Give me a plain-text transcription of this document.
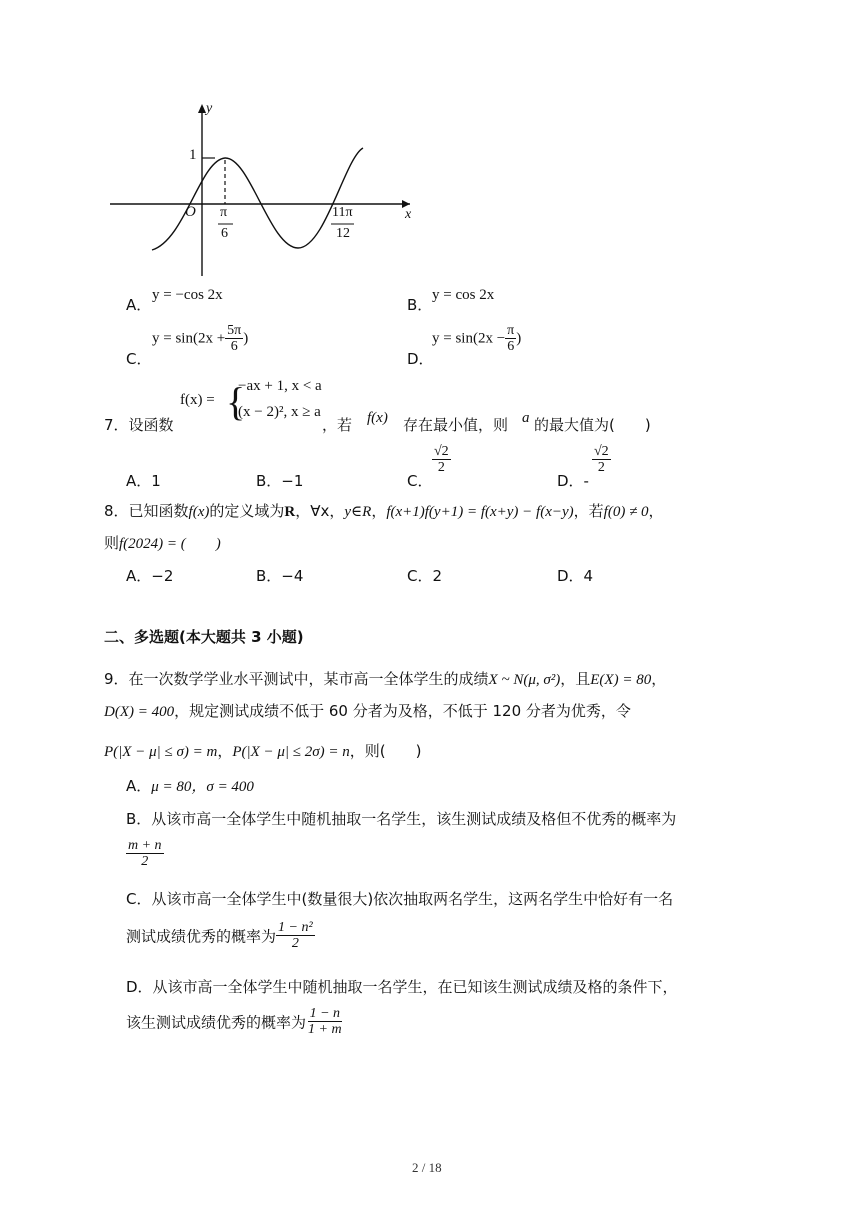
y
x
O
1
π
6
11π
12
A．
y = −cos 2x
B．
y = cos 2x
C．
$y = \sin(2x + \frac{5\pi}{6}$ )
D．
$y = \sin(2x - \frac{\pi}{6}$ )
7．设函数
f(x) = {
−ax + 1, x < a
(x − 2)², x ≥ a
，若 f(x) 存在最小值，则 a 的最大值为(　　)
A．1	B．−1	C．
$\frac{√2}{2}$
D．-
$\frac{√2}{2}$
8．已知函数f(x)的定义域为R，∀x，y∈R，f(x+1)f(y+1) = f(x+y) − f(x−y)，若f(0) ≠ 0，
则f(2024) = (　　)
A．−2	B．−4	C．2	D．4
二、多选题(本大题共 3 小题)
9．在一次数学学业水平测试中，某市高一全体学生的成绩X ~ N(μ, σ²)，且E(X) = 80，
D(X) = 400，规定测试成绩不低于 60 分者为及格，不低于 120 分者为优秀，令
P(|X − μ| ≤ σ) = m，P(|X − μ| ≤ 2σ) = n，则(　　)
A．μ = 80，σ = 400
B．从该市高一全体学生中随机抽取一名学生，该生测试成绩及格但不优秀的概率为
$\frac{m + n}{2}$
C．从该市高一全体学生中(数量很大)依次抽取两名学生，这两名学生中恰好有一名
测试成绩优秀的概率为 $\frac{\text{1 − n²}}{2}$
D．从该市高一全体学生中随机抽取一名学生，在已知该生测试成绩及格的条件下，
该生测试成绩优秀的概率为 $\frac{1 - n}{1 + m}$
2 / 18
